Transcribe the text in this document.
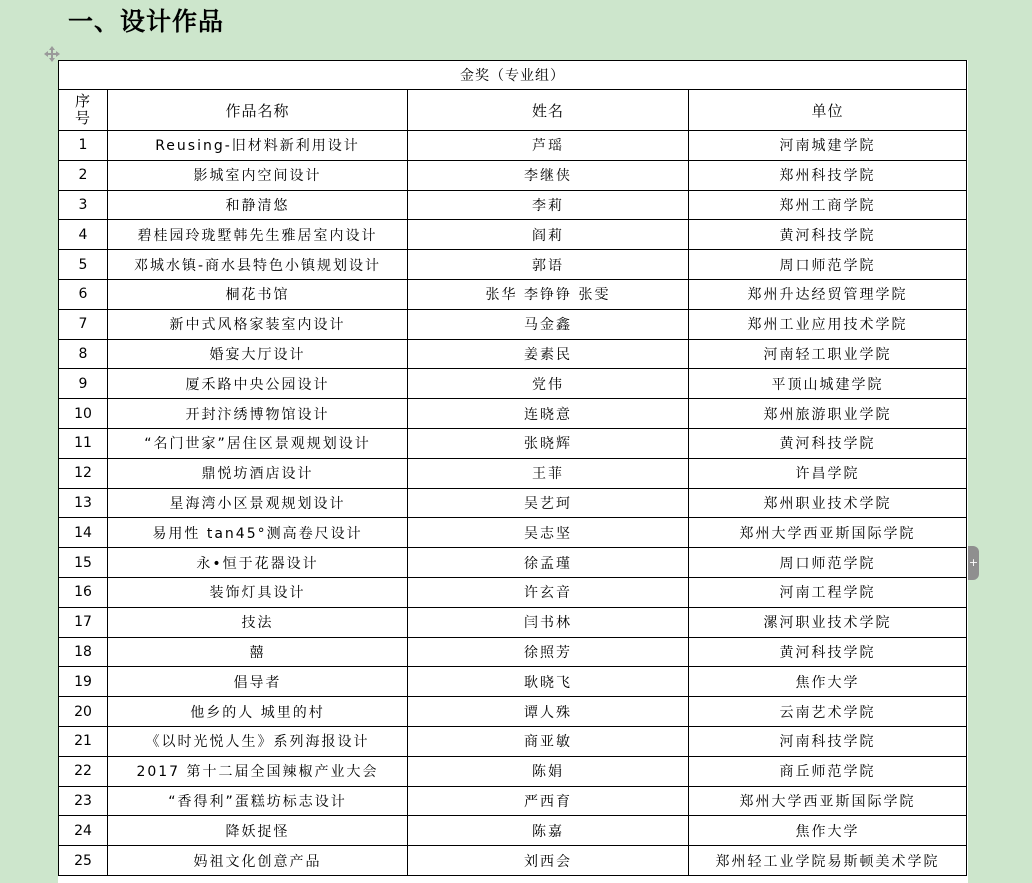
一、设计作品
金奖（专业组）			
序号	作品名称	姓名	单位
1	Reusing-旧材料新利用设计	芦瑶	河南城建学院
2	影城室内空间设计	李继侠	郑州科技学院
3	和静清悠	李莉	郑州工商学院
4	碧桂园玲珑墅韩先生雅居室内设计	阎莉	黄河科技学院
5	邓城水镇-商水县特色小镇规划设计	郭语	周口师范学院
6	桐花书馆	张华 李铮铮 张雯	郑州升达经贸管理学院
7	新中式风格家装室内设计	马金鑫	郑州工业应用技术学院
8	婚宴大厅设计	姜素民	河南轻工职业学院
9	厦禾路中央公园设计	党伟	平顶山城建学院
10	开封汴绣博物馆设计	连晓意	郑州旅游职业学院
11	“名门世家”居住区景观规划设计	张晓辉	黄河科技学院
12	鼎悦坊酒店设计	王菲	许昌学院
13	星海湾小区景观规划设计	吴艺珂	郑州职业技术学院
14	易用性 tan45°测高卷尺设计	吴志坚	郑州大学西亚斯国际学院
15	永•恒于花器设计	徐孟瑾	周口师范学院
16	装饰灯具设计	许玄音	河南工程学院
17	技法	闫书林	漯河职业技术学院
18	囍	徐照芳	黄河科技学院
19	倡导者	耿晓飞	焦作大学
20	他乡的人 城里的村	谭人殊	云南艺术学院
21	《以时光悦人生》系列海报设计	商亚敏	河南科技学院
22	2017 第十二届全国辣椒产业大会	陈娟	商丘师范学院
23	“香得利”蛋糕坊标志设计	严西育	郑州大学西亚斯国际学院
24	降妖捉怪	陈嘉	焦作大学
25	妈祖文化创意产品	刘西会	郑州轻工业学院易斯顿美术学院
+
